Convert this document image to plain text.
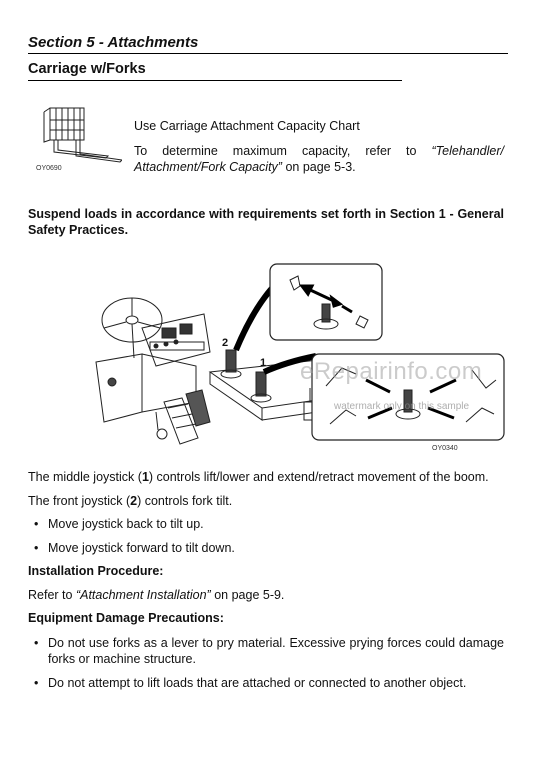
Section 5 - Attachments
Carriage w/Forks
OY0690
Use Carriage Attachment Capacity Chart
To determine maximum capacity, refer to “Telehandler/ Attachment/Fork Capacity” on page 5-3.
Suspend loads in accordance with requirements set forth in Section 1 - General Safety Practices.
2
1
OY0340
eRepairinfo.com
watermark only on this sample
The middle joystick (1) controls lift/lower and extend/retract movement of the boom.
The front joystick (2) controls fork tilt.
• Move joystick back to tilt up.
• Move joystick forward to tilt down.
Installation Procedure:
Refer to “Attachment Installation” on page 5-9.
Equipment Damage Precautions:
• Do not use forks as a lever to pry material. Excessive prying forces could damage forks or machine structure.
• Do not attempt to lift loads that are attached or connected to another object.
